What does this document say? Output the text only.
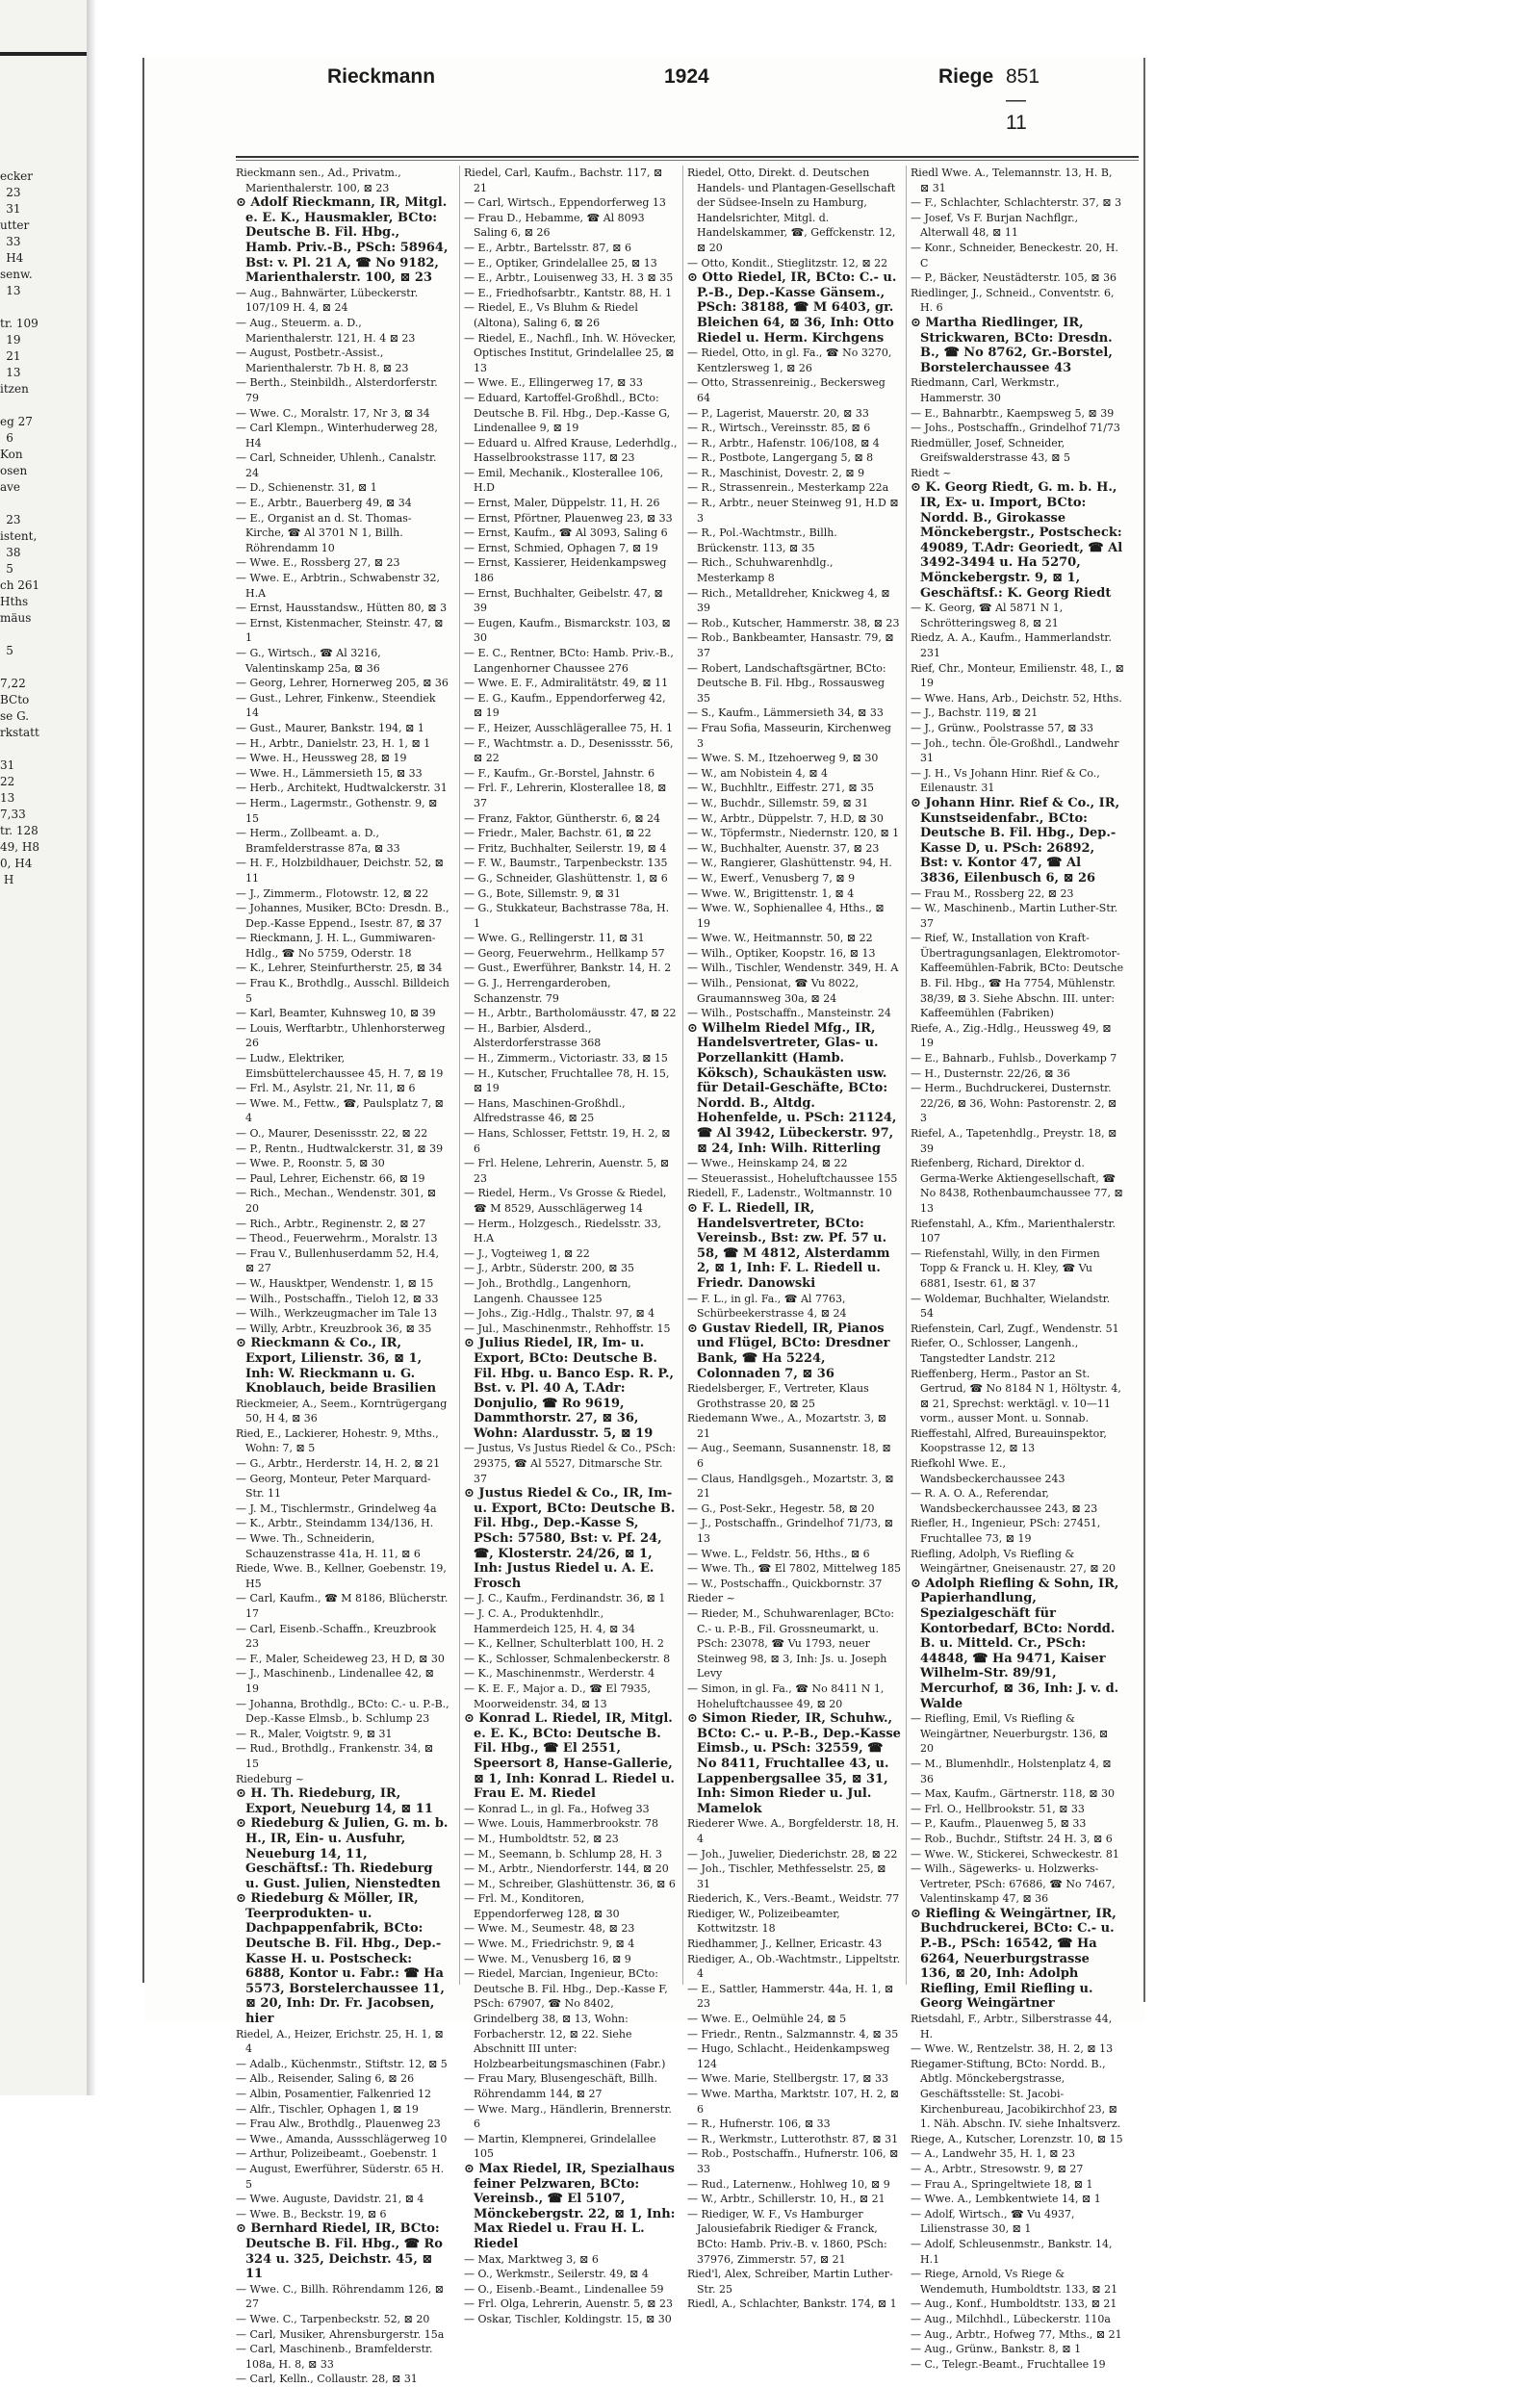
ecker
  23
  31
utter
  33
  H4
senw.
  13

tr. 109
  19
  21
  13
itzen

eg 27
  6
Kon
osen
ave

  23
istent,
  38
  5
ch 261
Hths
mäus

  5

7,22
BCto
se G.
rkstatt

31
22
13
7,33
tr. 128
49, H8
0, H4
H
Rieckmann	1924	Riege 851—11

Rieckmann sen., Ad., Privatm., Marienthalerstr. 100, ⊠ 23

⊙ Adolf Rieckmann, IR, Mitgl. e. E. K., Hausmakler, BCto: Deutsche B. Fil. Hbg., Hamb. Priv.-B., PSch: 58964, Bst: v. Pl. 21 A, ☎ No 9182, Marienthalerstr. 100, ⊠ 23

— Aug., Bahnwärter, Lübeckerstr. 107/109 H. 4, ⊠ 24

— Aug., Steuerm. a. D., Marienthalerstr. 121, H. 4 ⊠ 23

— August, Postbetr.-Assist., Marienthalerstr. 7b H. 8, ⊠ 23

— Berth., Steinbildh., Alsterdorferstr. 79

— Wwe. C., Moralstr. 17, Nr 3, ⊠ 34

— Carl Klempn., Winterhuderweg 28, H4

— Carl, Schneider, Uhlenh., Canalstr. 24

— D., Schienenstr. 31, ⊠ 1

— E., Arbtr., Bauerberg 49, ⊠ 34

— E., Organist an d. St. Thomas-Kirche, ☎ Al 3701 N 1, Billh. Röhrendamm 10

— Wwe. E., Rossberg 27, ⊠ 23

— Wwe. E., Arbtrin., Schwabenstr 32, H.A

— Ernst, Hausstandsw., Hütten 80, ⊠ 3

— Ernst, Kistenmacher, Steinstr. 47, ⊠ 1

— G., Wirtsch., ☎ Al 3216, Valentinskamp 25a, ⊠ 36

— Georg, Lehrer, Hornerweg 205, ⊠ 36

— Gust., Lehrer, Finkenw., Steendiek 14

— Gust., Maurer, Bankstr. 194, ⊠ 1

— H., Arbtr., Danielstr. 23, H. 1, ⊠ 1

— Wwe. H., Heussweg 28, ⊠ 19

— Wwe. H., Lämmersieth 15, ⊠ 33

— Herb., Architekt, Hudtwalckerstr. 31

— Herm., Lagermstr., Gothenstr. 9, ⊠ 15

— Herm., Zollbeamt. a. D., Bramfelderstrasse 87a, ⊠ 33

— H. F., Holzbildhauer, Deichstr. 52, ⊠ 11

— J., Zimmerm., Flotowstr. 12, ⊠ 22

— Johannes, Musiker, BCto: Dresdn. B., Dep.-Kasse Eppend., Isestr. 87, ⊠ 37

— Rieckmann, J. H. L., Gummiwaren-Hdlg., ☎ No 5759, Oderstr. 18

— K., Lehrer, Steinfurtherstr. 25, ⊠ 34

— Frau K., Brothdlg., Ausschl. Billdeich 5

— Karl, Beamter, Kuhnsweg 10, ⊠ 39

— Louis, Werftarbtr., Uhlenhorsterweg 26

— Ludw., Elektriker, Eimsbüttelerchaussee 45, H. 7, ⊠ 19

— Frl. M., Asylstr. 21, Nr. 11, ⊠ 6

— Wwe. M., Fettw., ☎, Paulsplatz 7, ⊠ 4

— O., Maurer, Desenissstr. 22, ⊠ 22

— P., Rentn., Hudtwalckerstr. 31, ⊠ 39

— Wwe. P., Roonstr. 5, ⊠ 30

— Paul, Lehrer, Eichenstr. 66, ⊠ 19

— Rich., Mechan., Wendenstr. 301, ⊠ 20

— Rich., Arbtr., Reginenstr. 2, ⊠ 27

— Theod., Feuerwehrm., Moralstr. 13

— Frau V., Bullenhuserdamm 52, H.4, ⊠ 27

— W., Hausktper, Wendenstr. 1, ⊠ 15

— Wilh., Postschaffn., Tieloh 12, ⊠ 33

— Wilh., Werkzeugmacher im Tale 13

— Willy, Arbtr., Kreuzbrook 36, ⊠ 35

⊙ Rieckmann & Co., IR, Export, Lilienstr. 36, ⊠ 1, Inh: W. Rieckmann u. G. Knoblauch, beide Brasilien

Rieckmeier, A., Seem., Korntrügergang 50, H 4, ⊠ 36

Ried, E., Lackierer, Hohestr. 9, Mths., Wohn: 7, ⊠ 5

— G., Arbtr., Herderstr. 14, H. 2, ⊠ 21

— Georg, Monteur, Peter Marquard-Str. 11

— J. M., Tischlermstr., Grindelweg 4a

— K., Arbtr., Steindamm 134/136, H.

— Wwe. Th., Schneiderin, Schauzenstrasse 41a, H. 11, ⊠ 6

Riede, Wwe. B., Kellner, Goebenstr. 19, H5

— Carl, Kaufm., ☎ M 8186, Blücherstr. 17

— Carl, Eisenb.-Schaffn., Kreuzbrook 23

— F., Maler, Scheideweg 23, H D, ⊠ 30

— J., Maschinenb., Lindenallee 42, ⊠ 19

— Johanna, Brothdlg., BCto: C.- u. P.-B., Dep.-Kasse Elmsb., b. Schlump 23

— R., Maler, Voigtstr. 9, ⊠ 31

— Rud., Brothdlg., Frankenstr. 34, ⊠ 15

Riedeburg ~

⊙ H. Th. Riedeburg, IR, Export, Neueburg 14, ⊠ 11

⊙ Riedeburg & Julien, G. m. b. H., IR, Ein- u. Ausfuhr, Neueburg 14, 11, Geschäftsf.: Th. Riedeburg u. Gust. Julien, Nienstedten

⊙ Riedeburg & Möller, IR, Teerprodukten- u. Dachpappenfabrik, BCto: Deutsche B. Fil. Hbg., Dep.-Kasse H. u. Postscheck: 6888, Kontor u. Fabr.: ☎ Ha 5573, Borstelerchaussee 11, ⊠ 20, Inh: Dr. Fr. Jacobsen, hier

Riedel, A., Heizer, Erichstr. 25, H. 1, ⊠ 4

— Adalb., Küchenmstr., Stiftstr. 12, ⊠ 5

— Alb., Reisender, Saling 6, ⊠ 26

— Albin, Posamentier, Falkenried 12

— Alfr., Tischler, Ophagen 1, ⊠ 19

— Frau Alw., Brothdlg., Plauenweg 23

— Wwe., Amanda, Aussschlägerweg 10

— Arthur, Polizeibeamt., Goebenstr. 1

— August, Ewerführer, Süderstr. 65 H. 5

— Wwe. Auguste, Davidstr. 21, ⊠ 4

— Wwe. B., Beckstr. 19, ⊠ 6

⊙ Bernhard Riedel, IR, BCto: Deutsche B. Fil. Hbg., ☎ Ro 324 u. 325, Deichstr. 45, ⊠ 11

— Wwe. C., Billh. Röhrendamm 126, ⊠ 27

— Wwe. C., Tarpenbeckstr. 52, ⊠ 20

— Carl, Musiker, Ahrensburgerstr. 15a

— Carl, Maschinenb., Bramfelderstr. 108a, H. 8, ⊠ 33

— Carl, Kelln., Collaustr. 28, ⊠ 31

Riedel, Carl, Kaufm., Bachstr. 117, ⊠ 21

— Carl, Wirtsch., Eppendorferweg 13

— Frau D., Hebamme, ☎ Al 8093 Saling 6, ⊠ 26

— E., Arbtr., Bartelsstr. 87, ⊠ 6

— E., Optiker, Grindelallee 25, ⊠ 13

— E., Arbtr., Louisenweg 33, H. 3 ⊠ 35

— E., Friedhofsarbtr., Kantstr. 88, H. 1

— Riedel, E., Vs Bluhm & Riedel (Altona), Saling 6, ⊠ 26

— Riedel, E., Nachfl., Inh. W. Hövecker, Optisches Institut, Grindelallee 25, ⊠ 13

— Wwe. E., Ellingerweg 17, ⊠ 33

— Eduard, Kartoffel-Großhdl., BCto: Deutsche B. Fil. Hbg., Dep.-Kasse G, Lindenallee 9, ⊠ 19

— Eduard u. Alfred Krause, Lederhdlg., Hasselbrookstrasse 117, ⊠ 23

— Emil, Mechanik., Klosterallee 106, H.D

— Ernst, Maler, Düppelstr. 11, H. 26

— Ernst, Pförtner, Plauenweg 23, ⊠ 33

— Ernst, Kaufm., ☎ Al 3093, Saling 6

— Ernst, Schmied, Ophagen 7, ⊠ 19

— Ernst, Kassierer, Heidenkampsweg 186

— Ernst, Buchhalter, Geibelstr. 47, ⊠ 39

— Eugen, Kaufm., Bismarckstr. 103, ⊠ 30

— E. C., Rentner, BCto: Hamb. Priv.-B., Langenhorner Chaussee 276

— Wwe. E. F., Admiralitätstr. 49, ⊠ 11

— E. G., Kaufm., Eppendorferweg 42, ⊠ 19

— F., Heizer, Ausschlägerallee 75, H. 1

— F., Wachtmstr. a. D., Desenissstr. 56, ⊠ 22

— F., Kaufm., Gr.-Borstel, Jahnstr. 6

— Frl. F., Lehrerin, Klosterallee 18, ⊠ 37

— Franz, Faktor, Güntherstr. 6, ⊠ 24

— Friedr., Maler, Bachstr. 61, ⊠ 22

— Fritz, Buchhalter, Seilerstr. 19, ⊠ 4

— F. W., Baumstr., Tarpenbeckstr. 135

— G., Schneider, Glashüttenstr. 1, ⊠ 6

— G., Bote, Sillemstr. 9, ⊠ 31

— G., Stukkateur, Bachstrasse 78a, H. 1

— Wwe. G., Rellingerstr. 11, ⊠ 31

— Georg, Feuerwehrm., Hellkamp 57

— Gust., Ewerführer, Bankstr. 14, H. 2

— G. J., Herrengarderoben, Schanzenstr. 79

— H., Arbtr., Bartholomäusstr. 47, ⊠ 22

— H., Barbier, Alsderd., Alsterdorferstrasse 368

— H., Zimmerm., Victoriastr. 33, ⊠ 15

— H., Kutscher, Fruchtallee 78, H. 15, ⊠ 19

— Hans, Maschinen-Großhdl., Alfredstrasse 46, ⊠ 25

— Hans, Schlosser, Fettstr. 19, H. 2, ⊠ 6

— Frl. Helene, Lehrerin, Auenstr. 5, ⊠ 23

— Riedel, Herm., Vs Grosse & Riedel, ☎ M 8529, Ausschlägerweg 14

— Herm., Holzgesch., Riedelsstr. 33, H.A

— J., Vogteiweg 1, ⊠ 22

— J., Arbtr., Süderstr. 200, ⊠ 35

— Joh., Brothdlg., Langenhorn, Langenh. Chaussee 125

— Johs., Zig.-Hdlg., Thalstr. 97, ⊠ 4

— Jul., Maschinenmstr., Rehhoffstr. 15

⊙ Julius Riedel, IR, Im- u. Export, BCto: Deutsche B. Fil. Hbg. u. Banco Esp. R. P., Bst. v. Pl. 40 A, T.Adr: Donjulio, ☎ Ro 9619, Dammthorstr. 27, ⊠ 36, Wohn: Alardusstr. 5, ⊠ 19

— Justus, Vs Justus Riedel & Co., PSch: 29375, ☎ Al 5527, Ditmarsche Str. 37

⊙ Justus Riedel & Co., IR, Im- u. Export, BCto: Deutsche B. Fil. Hbg., Dep.-Kasse S, PSch: 57580, Bst: v. Pf. 24, ☎, Klosterstr. 24/26, ⊠ 1, Inh: Justus Riedel u. A. E. Frosch

— J. C., Kaufm., Ferdinandstr. 36, ⊠ 1

— J. C. A., Produktenhdlr., Hammerdeich 125, H. 4, ⊠ 34

— K., Kellner, Schulterblatt 100, H. 2

— K., Schlosser, Schmalenbeckerstr. 8

— K., Maschinenmstr., Werderstr. 4

— K. E. F., Major a. D., ☎ El 7935, Moorweidenstr. 34, ⊠ 13

⊙ Konrad L. Riedel, IR, Mitgl. e. E. K., BCto: Deutsche B. Fil. Hbg., ☎ El 2551, Speersort 8, Hanse-Gallerie, ⊠ 1, Inh: Konrad L. Riedel u. Frau E. M. Riedel

— Konrad L., in gl. Fa., Hofweg 33

— Wwe. Louis, Hammerbrookstr. 78

— M., Humboldtstr. 52, ⊠ 23

— M., Seemann, b. Schlump 28, H. 3

— M., Arbtr., Niendorferstr. 144, ⊠ 20

— M., Schreiber, Glashüttenstr. 36, ⊠ 6

— Frl. M., Konditoren, Eppendorferweg 128, ⊠ 30

— Wwe. M., Seumestr. 48, ⊠ 23

— Wwe. M., Friedrichstr. 9, ⊠ 4

— Wwe. M., Venusberg 16, ⊠ 9

— Riedel, Marcian, Ingenieur, BCto: Deutsche B. Fil. Hbg., Dep.-Kasse F, PSch: 67907, ☎ No 8402, Grindelberg 38, ⊠ 13, Wohn: Forbacherstr. 12, ⊠ 22. Siehe Abschnitt III unter: Holzbearbeitungsmaschinen (Fabr.)

— Frau Mary, Blusengeschäft, Billh. Röhrendamm 144, ⊠ 27

— Wwe. Marg., Händlerin, Brennerstr. 6

— Martin, Klempnerei, Grindelallee 105

⊙ Max Riedel, IR, Spezialhaus feiner Pelzwaren, BCto: Vereinsb., ☎ El 5107, Mönckebergstr. 22, ⊠ 1, Inh: Max Riedel u. Frau H. L. Riedel

— Max, Marktweg 3, ⊠ 6

— O., Werkmstr., Seilerstr. 49, ⊠ 4

— O., Eisenb.-Beamt., Lindenallee 59

— Frl. Olga, Lehrerin, Auenstr. 5, ⊠ 23

— Oskar, Tischler, Koldingstr. 15, ⊠ 30

Riedel, Otto, Direkt. d. Deutschen Handels- und Plantagen-Gesellschaft der Südsee-Inseln zu Hamburg, Handelsrichter, Mitgl. d. Handelskammer, ☎, Geffckenstr. 12, ⊠ 20

— Otto, Kondit., Stieglitzstr. 12, ⊠ 22

⊙ Otto Riedel, IR, BCto: C.- u. P.-B., Dep.-Kasse Gänsem., PSch: 38188, ☎ M 6403, gr. Bleichen 64, ⊠ 36, Inh: Otto Riedel u. Herm. Kirchgens

— Riedel, Otto, in gl. Fa., ☎ No 3270, Kentzlersweg 1, ⊠ 26

— Otto, Strassenreinig., Beckersweg 64

— P., Lagerist, Mauerstr. 20, ⊠ 33

— R., Wirtsch., Vereinsstr. 85, ⊠ 6

— R., Arbtr., Hafenstr. 106/108, ⊠ 4

— R., Postbote, Langergang 5, ⊠ 8

— R., Maschinist, Dovestr. 2, ⊠ 9

— R., Strassenrein., Mesterkamp 22a

— R., Arbtr., neuer Steinweg 91, H.D ⊠ 3

— R., Pol.-Wachtmstr., Billh. Brückenstr. 113, ⊠ 35

— Rich., Schuhwarenhdlg., Mesterkamp 8

— Rich., Metalldreher, Knickweg 4, ⊠ 39

— Rob., Kutscher, Hammerstr. 38, ⊠ 23

— Rob., Bankbeamter, Hansastr. 79, ⊠ 37

— Robert, Landschaftsgärtner, BCto: Deutsche B. Fil. Hbg., Rossausweg 35

— S., Kaufm., Lämmersieth 34, ⊠ 33

— Frau Sofia, Masseurin, Kirchenweg 3

— Wwe. S. M., Itzehoerweg 9, ⊠ 30

— W., am Nobistein 4, ⊠ 4

— W., Buchhltr., Eiffestr. 271, ⊠ 35

— W., Buchdr., Sillemstr. 59, ⊠ 31

— W., Arbtr., Düppelstr. 7, H.D, ⊠ 30

— W., Töpfermstr., Niedernstr. 120, ⊠ 1

— W., Buchhalter, Auenstr. 37, ⊠ 23

— W., Rangierer, Glashüttenstr. 94, H.

— W., Ewerf., Venusberg 7, ⊠ 9

— Wwe. W., Brigittenstr. 1, ⊠ 4

— Wwe. W., Sophienallee 4, Hths., ⊠ 19

— Wwe. W., Heitmannstr. 50, ⊠ 22

— Wilh., Optiker, Koopstr. 16, ⊠ 13

— Wilh., Tischler, Wendenstr. 349, H. A

— Wilh., Pensionat, ☎ Vu 8022, Graumannsweg 30a, ⊠ 24

— Wilh., Postschaffn., Mansteinstr. 24

⊙ Wilhelm Riedel Mfg., IR, Handelsvertreter, Glas- u. Porzellankitt (Hamb. Köksch), Schaukästen usw. für Detail-Geschäfte, BCto: Nordd. B., Altdg. Hohenfelde, u. PSch: 21124, ☎ Al 3942, Lübeckerstr. 97, ⊠ 24, Inh: Wilh. Ritterling

— Wwe., Heinskamp 24, ⊠ 22

— Steuerassist., Hoheluftchaussee 155

Riedell, F., Ladenstr., Woltmannstr. 10

⊙ F. L. Riedell, IR, Handelsvertreter, BCto: Vereinsb., Bst: zw. Pf. 57 u. 58, ☎ M 4812, Alsterdamm 2, ⊠ 1, Inh: F. L. Riedell u. Friedr. Danowski

— F. L., in gl. Fa., ☎ Al 7763, Schürbeekerstrasse 4, ⊠ 24

⊙ Gustav Riedell, IR, Pianos und Flügel, BCto: Dresdner Bank, ☎ Ha 5224, Colonnaden 7, ⊠ 36

Riedelsberger, F., Vertreter, Klaus Grothstrasse 20, ⊠ 25

Riedemann Wwe., A., Mozartstr. 3, ⊠ 21

— Aug., Seemann, Susannenstr. 18, ⊠ 6

— Claus, Handlgsgeh., Mozartstr. 3, ⊠ 21

— G., Post-Sekr., Hegestr. 58, ⊠ 20

— J., Postschaffn., Grindelhof 71/73, ⊠ 13

— Wwe. L., Feldstr. 56, Hths., ⊠ 6

— Wwe. Th., ☎ El 7802, Mittelweg 185

— W., Postschaffn., Quickbornstr. 37

Rieder ~

— Rieder, M., Schuhwarenlager, BCto: C.- u. P.-B., Fil. Grossneumarkt, u. PSch: 23078, ☎ Vu 1793, neuer Steinweg 98, ⊠ 3, Inh: Js. u. Joseph Levy

— Simon, in gl. Fa., ☎ No 8411 N 1, Hoheluftchaussee 49, ⊠ 20

⊙ Simon Rieder, IR, Schuhw., BCto: C.- u. P.-B., Dep.-Kasse Eimsb., u. PSch: 32559, ☎ No 8411, Fruchtallee 43, u. Lappenbergsallee 35, ⊠ 31, Inh: Simon Rieder u. Jul. Mamelok

Riederer Wwe. A., Borgfelderstr. 18, H. 4

— Joh., Juwelier, Diederichstr. 28, ⊠ 22

— Joh., Tischler, Methfesselstr. 25, ⊠ 31

Riederich, K., Vers.-Beamt., Weidstr. 77

Riediger, W., Polizeibeamter, Kottwitzstr. 18

Riedhammer, J., Kellner, Ericastr. 43

Riediger, A., Ob.-Wachtmstr., Lippeltstr. 4

— E., Sattler, Hammerstr. 44a, H. 1, ⊠ 23

— Wwe. E., Oelmühle 24, ⊠ 5

— Friedr., Rentn., Salzmannstr. 4, ⊠ 35

— Hugo, Schlacht., Heidenkampsweg 124

— Wwe. Marie, Stellbergstr. 17, ⊠ 33

— Wwe. Martha, Marktstr. 107, H. 2, ⊠ 6

— R., Hufnerstr. 106, ⊠ 33

— R., Werkmstr., Lutterothstr. 87, ⊠ 31

— Rob., Postschaffn., Hufnerstr. 106, ⊠ 33

— Rud., Laternenw., Hohlweg 10, ⊠ 9

— W., Arbtr., Schillerstr. 10, H., ⊠ 21

— Riediger, W. F., Vs Hamburger Jalousiefabrik Riediger & Franck, BCto: Hamb. Priv.-B. v. 1860, PSch: 37976, Zimmerstr. 57, ⊠ 21

Ried'l, Alex, Schreiber, Martin Luther-Str. 25

Riedl, A., Schlachter, Bankstr. 174, ⊠ 1

Riedl Wwe. A., Telemannstr. 13, H. B, ⊠ 31

— F., Schlachter, Schlachterstr. 37, ⊠ 3

— Josef, Vs F. Burjan Nachflgr., Alterwall 48, ⊠ 11

— Konr., Schneider, Beneckestr. 20, H. C

— P., Bäcker, Neustädterstr. 105, ⊠ 36

Riedlinger, J., Schneid., Conventstr. 6, H. 6

⊙ Martha Riedlinger, IR, Strickwaren, BCto: Dresdn. B., ☎ No 8762, Gr.-Borstel, Borstelerchaussee 43

Riedmann, Carl, Werkmstr., Hammerstr. 30

— E., Bahnarbtr., Kaempsweg 5, ⊠ 39

— Johs., Postschaffn., Grindelhof 71/73

Riedmüller, Josef, Schneider, Greifswalderstrasse 43, ⊠ 5

Riedt ~

⊙ K. Georg Riedt, G. m. b. H., IR, Ex- u. Import, BCto: Nordd. B., Girokasse Mönckebergstr., Postscheck: 49089, T.Adr: Georiedt, ☎ Al 3492-3494 u. Ha 5270, Mönckebergstr. 9, ⊠ 1, Geschäftsf.: K. Georg Riedt

— K. Georg, ☎ Al 5871 N 1, Schrötteringsweg 8, ⊠ 21

Riedz, A. A., Kaufm., Hammerlandstr. 231

Rief, Chr., Monteur, Emilienstr. 48, I., ⊠ 19

— Wwe. Hans, Arb., Deichstr. 52, Hths.

— J., Bachstr. 119, ⊠ 21

— J., Grünw., Poolstrasse 57, ⊠ 33

— Joh., techn. Öle-Großhdl., Landwehr 31

— J. H., Vs Johann Hinr. Rief & Co., Eilenaustr. 31

⊙ Johann Hinr. Rief & Co., IR, Kunstseidenfabr., BCto: Deutsche B. Fil. Hbg., Dep.-Kasse D, u. PSch: 26892, Bst: v. Kontor 47, ☎ Al 3836, Eilenbusch 6, ⊠ 26

— Frau M., Rossberg 22, ⊠ 23

— W., Maschinenb., Martin Luther-Str. 37

— Rief, W., Installation von Kraft-Übertragungsanlagen, Elektromotor-Kaffeemühlen-Fabrik, BCto: Deutsche B. Fil. Hbg., ☎ Ha 7754, Mühlenstr. 38/39, ⊠ 3. Siehe Abschn. III. unter: Kaffeemühlen (Fabriken)

Riefe, A., Zig.-Hdlg., Heussweg 49, ⊠ 19

— E., Bahnarb., Fuhlsb., Doverkamp 7

— H., Dusternstr. 22/26, ⊠ 36

— Herm., Buchdruckerei, Dusternstr. 22/26, ⊠ 36, Wohn: Pastorenstr. 2, ⊠ 3

Riefel, A., Tapetenhdlg., Preystr. 18, ⊠ 39

Riefenberg, Richard, Direktor d. Germa-Werke Aktiengesellschaft, ☎ No 8438, Rothenbaumchaussee 77, ⊠ 13

Riefenstahl, A., Kfm., Marienthalerstr. 107

— Riefenstahl, Willy, in den Firmen Topp & Franck u. H. Kley, ☎ Vu 6881, Isestr. 61, ⊠ 37

— Woldemar, Buchhalter, Wielandstr. 54

Riefenstein, Carl, Zugf., Wendenstr. 51

Riefer, O., Schlosser, Langenh., Tangstedter Landstr. 212

Rieffenberg, Herm., Pastor an St. Gertrud, ☎ No 8184 N 1, Höltystr. 4, ⊠ 21, Sprechst: werktägl. v. 10—11 vorm., ausser Mont. u. Sonnab.

Rieffestahl, Alfred, Bureauinspektor, Koopstrasse 12, ⊠ 13

Riefkohl Wwe. E., Wandsbeckerchaussee 243

— R. A. O. A., Referendar, Wandsbeckerchaussee 243, ⊠ 23

Riefler, H., Ingenieur, PSch: 27451, Fruchtallee 73, ⊠ 19

Riefling, Adolph, Vs Riefling & Weingärtner, Gneisenaustr. 27, ⊠ 20

⊙ Adolph Riefling & Sohn, IR, Papierhandlung, Spezialgeschäft für Kontorbedarf, BCto: Nordd. B. u. Mitteld. Cr., PSch: 44848, ☎ Ha 9471, Kaiser Wilhelm-Str. 89/91, Mercurhof, ⊠ 36, Inh: J. v. d. Walde

— Riefling, Emil, Vs Riefling & Weingärtner, Neuerburgstr. 136, ⊠ 20

— M., Blumenhdlr., Holstenplatz 4, ⊠ 36

— Max, Kaufm., Gärtnerstr. 118, ⊠ 30

— Frl. O., Hellbrookstr. 51, ⊠ 33

— P., Kaufm., Plauenweg 5, ⊠ 33

— Rob., Buchdr., Stiftstr. 24 H. 3, ⊠ 6

— Wwe. W., Stickerei, Schweckestr. 81

— Wilh., Sägewerks- u. Holzwerks-Vertreter, PSch: 67686, ☎ No 7467, Valentinskamp 47, ⊠ 36

⊙ Riefling & Weingärtner, IR, Buchdruckerei, BCto: C.- u. P.-B., PSch: 16542, ☎ Ha 6264, Neuerburgstrasse 136, ⊠ 20, Inh: Adolph Riefling, Emil Riefling u. Georg Weingärtner

Rietsdahl, F., Arbtr., Silberstrasse 44, H.

— Wwe. W., Rentzelstr. 38, H. 2, ⊠ 13

Riegamer-Stiftung, BCto: Nordd. B., Abtlg. Mönckebergstrasse, Geschäftsstelle: St. Jacobi-Kirchenbureau, Jacobikirchhof 23, ⊠ 1. Näh. Abschn. IV. siehe Inhaltsverz.

Riege, A., Kutscher, Lorenzstr. 10, ⊠ 15

— A., Landwehr 35, H. 1, ⊠ 23

— A., Arbtr., Stresowstr. 9, ⊠ 27

— Frau A., Springeltwiete 18, ⊠ 1

— Wwe. A., Lembkentwiete 14, ⊠ 1

— Adolf, Wirtsch., ☎ Vu 4937, Lilienstrasse 30, ⊠ 1

— Adolf, Schleusenmstr., Bankstr. 14, H.1

— Riege, Arnold, Vs Riege & Wendemuth, Humboldtstr. 133, ⊠ 21

— Aug., Konf., Humboldtstr. 133, ⊠ 21

— Aug., Milchhdl., Lübeckerstr. 110a

— Aug., Arbtr., Hofweg 77, Mths., ⊠ 21

— Aug., Grünw., Bankstr. 8, ⊠ 1

— C., Telegr.-Beamt., Fruchtallee 19
